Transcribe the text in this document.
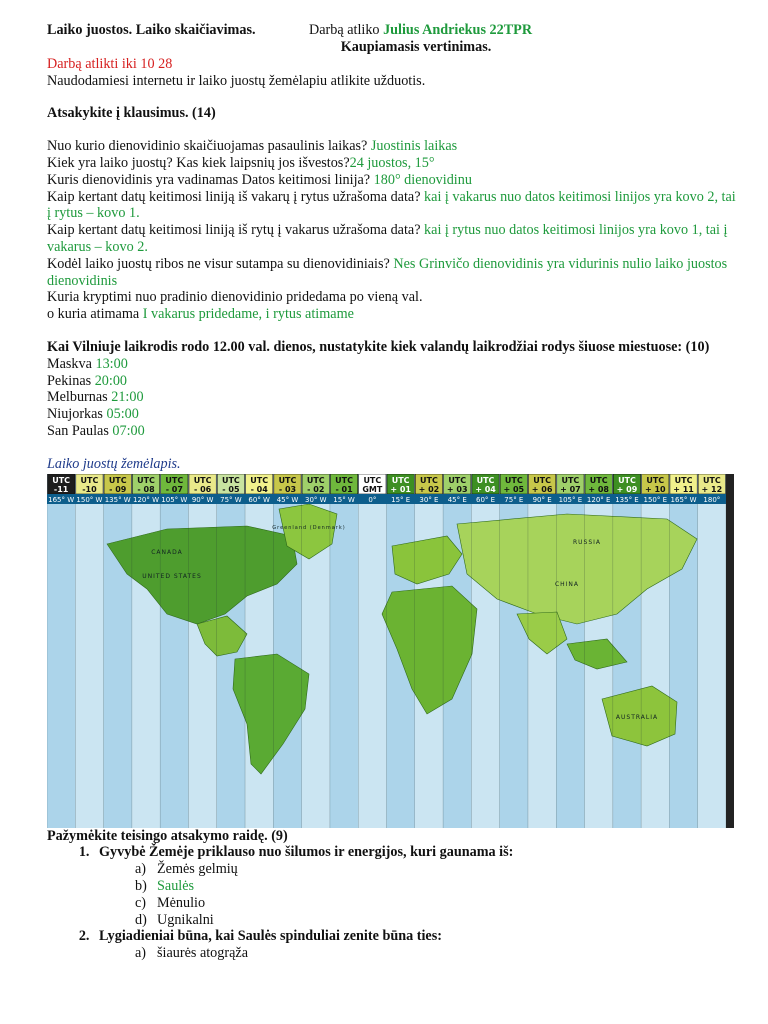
Laiko juostos. Laiko skaičiavimas.	Darbą atliko Julius Andriekus 22TPR
Kaupiamasis vertinimas.
Darbą atlikti iki 10 28
Naudodamiesi internetu ir laiko juostų žemėlapiu atlikite užduotis.
Atsakykite į klausimus. (14)
Nuo kurio dienovidinio skaičiuojamas pasaulinis laikas? Juostinis laikas
Kiek yra laiko juostų? Kas kiek laipsnių jos išvestos?24 juostos, 15°
Kuris dienovidinis yra vadinamas Datos keitimosi linija? 180° dienovidinu
Kaip kertant datų keitimosi liniją iš vakarų į rytus užrašoma data? kai į vakarus nuo datos keitimosi linijos yra kovo 2, tai į rytus – kovo 1.
Kaip kertant datų keitimosi liniją iš rytų į vakarus užrašoma data? kai į rytus nuo datos keitimosi linijos yra kovo 1, tai į vakarus – kovo 2.
Kodėl laiko juostų ribos ne visur sutampa su dienovidiniais? Nes Grinvičo dienovidinis yra vidurinis nulio laiko juostos dienovidinis
Kuria kryptimi nuo pradinio dienovidinio pridedama po vieną val.
o kuria atimama I vakarus pridedame, i rytus atimame
Kai Vilniuje laikrodis rodo 12.00 val. dienos, nustatykite kiek valandų laikrodžiai rodys šiuose miestuose: (10)
Maskva 13:00
Pekinas 20:00
Melburnas 21:00
Niujorkas 05:00
San Paulas 07:00
Laiko juostų žemėlapis.
UTC
-11
UTC
-10
UTC
- 09
UTC
- 08
UTC
- 07
UTC
- 06
UTC
- 05
UTC
- 04
UTC
- 03
UTC
- 02
UTC
- 01
UTC
GMT
UTC
+ 01
UTC
+ 02
UTC
+ 03
UTC
+ 04
UTC
+ 05
UTC
+ 06
UTC
+ 07
UTC
+ 08
UTC
+ 09
UTC
+ 10
UTC
+ 11
UTC
+ 12
165° W 150° W 135° W 120° W 105° W 90° W 75° W 60° W 45° W 30° W 15° W 0° 15° E 30° E 45° E 60° E 75° E 90° E 105° E 120° E 135° E 150° E 165° W 180°
CANADA
UNITED STATES
RUSSIA
CHINA
AUSTRALIA
Greenland (Denmark)
Pažymėkite teisingo atsakymo raidę. (9)
1. Gyvybė Žemėje priklauso nuo šilumos ir energijos, kuri gaunama iš:
a) Žemės gelmių
b) Saulės
c) Mėnulio
d) Ugnikalni
2. Lygiadieniai būna, kai Saulės spinduliai zenite būna ties:
a) šiaurės atogrąža
